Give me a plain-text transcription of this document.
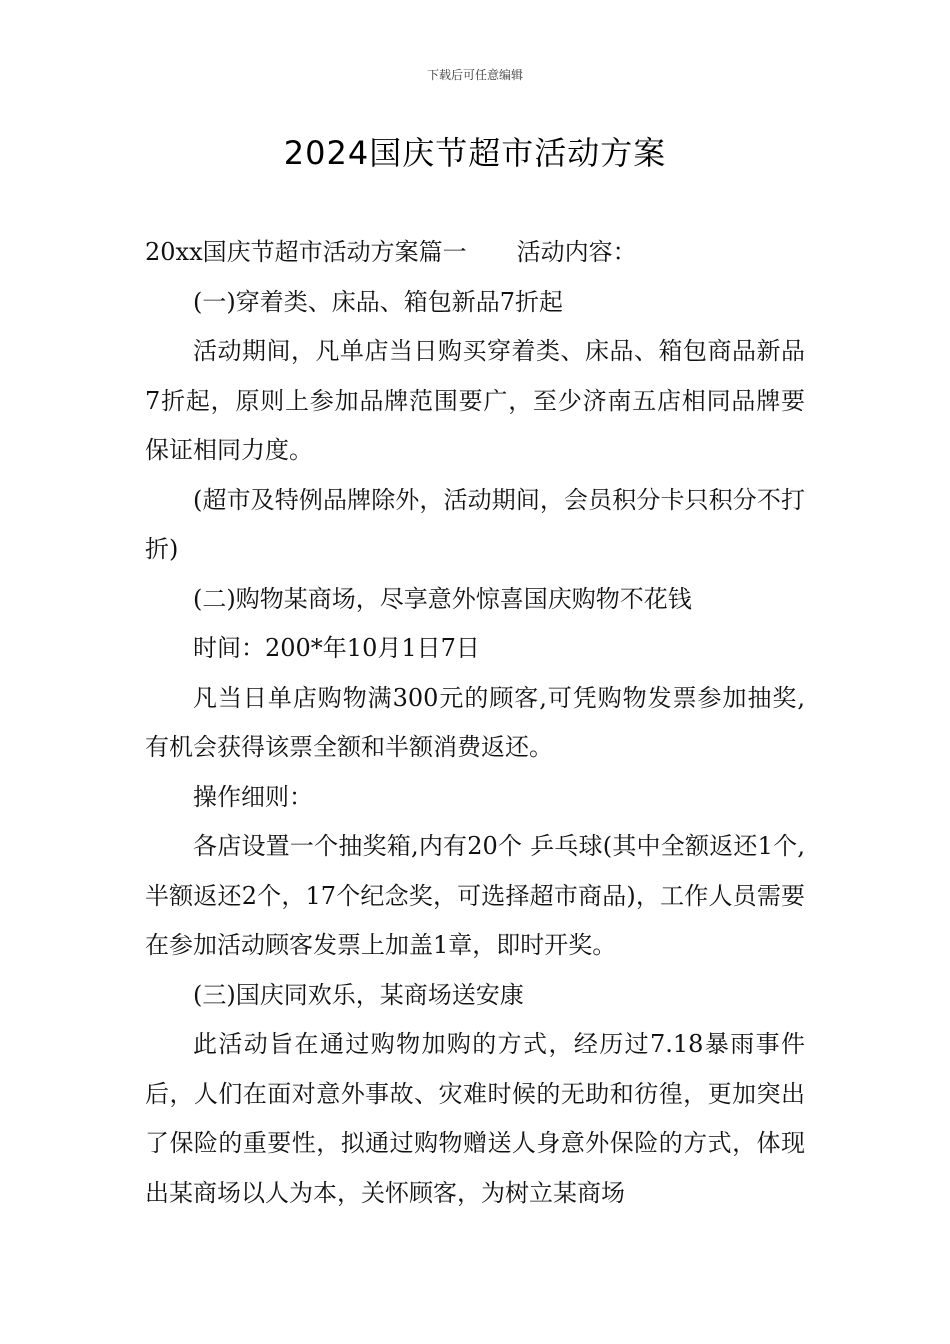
下载后可任意编辑
2024国庆节超市活动方案

20xx国庆节超市活动方案篇一 活动内容：

(一)穿着类、床品、箱包新品7折起

活动期间，凡单店当日购买穿着类、床品、箱包商品新品7折起，原则上参加品牌范围要广，至少济南五店相同品牌要保证相同力度。

(超市及特例品牌除外，活动期间，会员积分卡只积分不打折)

(二)购物某商场，尽享意外惊喜国庆购物不花钱

时间：200*年10月1日7日

凡当日单店购物满300元的顾客,可凭购物发票参加抽奖,有机会获得该票全额和半额消费返还。

操作细则：

各店设置一个抽奖箱,内有20个 乒乓球(其中全额返还1个,半额返还2个，17个纪念奖，可选择超市商品)，工作人员需要在参加活动顾客发票上加盖1章，即时开奖。

(三)国庆同欢乐，某商场送安康

此活动旨在通过购物加购的方式，经历过7.18暴雨事件后，人们在面对意外事故、灾难时候的无助和彷徨，更加突出了保险的重要性，拟通过购物赠送人身意外保险的方式，体现出某商场以人为本，关怀顾客，为树立某商场
